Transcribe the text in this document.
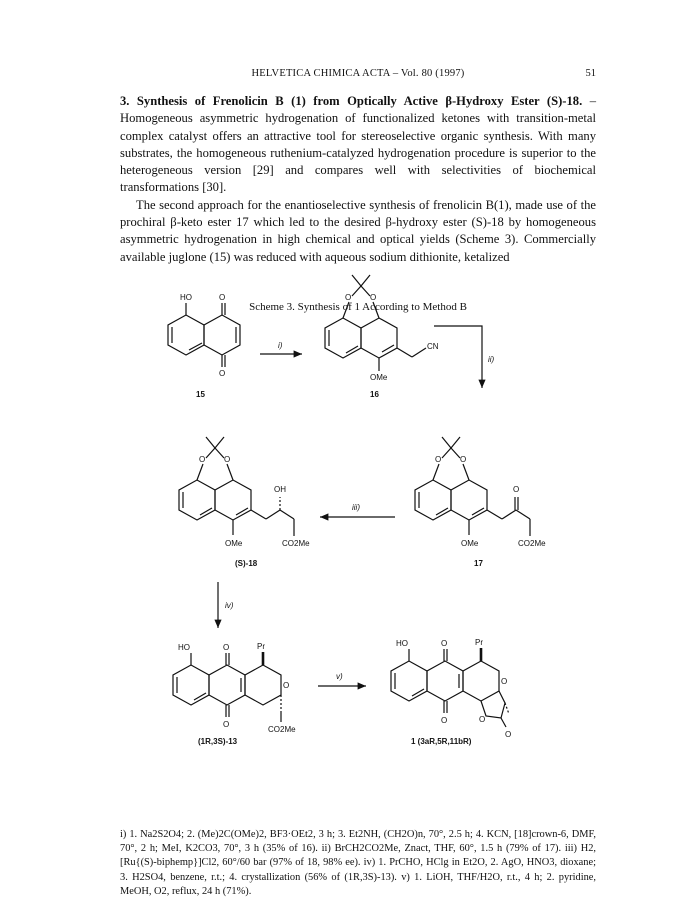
HELVETICA CHIMICA ACTA – Vol. 80 (1997)	51

3. Synthesis of Frenolicin B (1) from Optically Active β-Hydroxy Ester (S)-18. – Homogeneous asymmetric hydrogenation of functionalized ketones with transition-metal complex catalyst offers an attractive tool for stereoselective organic synthesis. With many substrates, the homogeneous ruthenium-catalyzed hydrogenation procedure is superior to the heterogeneous version [29] and compares well with selectivities of biochemical transformations [30].

The second approach for the enantioselective synthesis of frenolicin B(1), made use of the prochiral β-keto ester 17 which led to the desired β-hydroxy ester (S)-18 by homogeneous asymmetric hydrogenation in high chemical and optical yields (Scheme 3). Commercially available juglone (15) was reduced with aqueous sodium dithionite, ketalized

Scheme 3. Synthesis of 1 According to Method B
HO	O
O
15
i)
O O
CN
OMe
16
ii)
O O
OH
OMe	CO2Me
(S)-18
iii)
O O
O
OMe	CO2Me
17
iv)
HO	O	Pr
O
O
CO2Me
(1R,3S)-13
v)
HO	O	Pr
O
O	O
O
1 (3aR,5R,11bR)
i) 1. Na2S2O4; 2. (Me)2C(OMe)2, BF3·OEt2, 3 h; 3. Et2NH, (CH2O)n, 70°, 2.5 h; 4. KCN, [18]crown-6, DMF, 70°, 2 h; MeI, K2CO3, 70°, 3 h (35% of 16). ii) BrCH2CO2Me, Znact, THF, 60°, 1.5 h (79% of 17). iii) H2, [Ru{(S)-biphemp}]Cl2, 60°/60 bar (97% of 18, 98% ee). iv) 1. PrCHO, HClg in Et2O, 2. AgO, HNO3, dioxane; 3. H2SO4, benzene, r.t.; 4. crystallization (56% of (1R,3S)-13). v) 1. LiOH, THF/H2O, r.t., 4 h; 2. pyridine, MeOH, O2, reflux, 24 h (71%).
